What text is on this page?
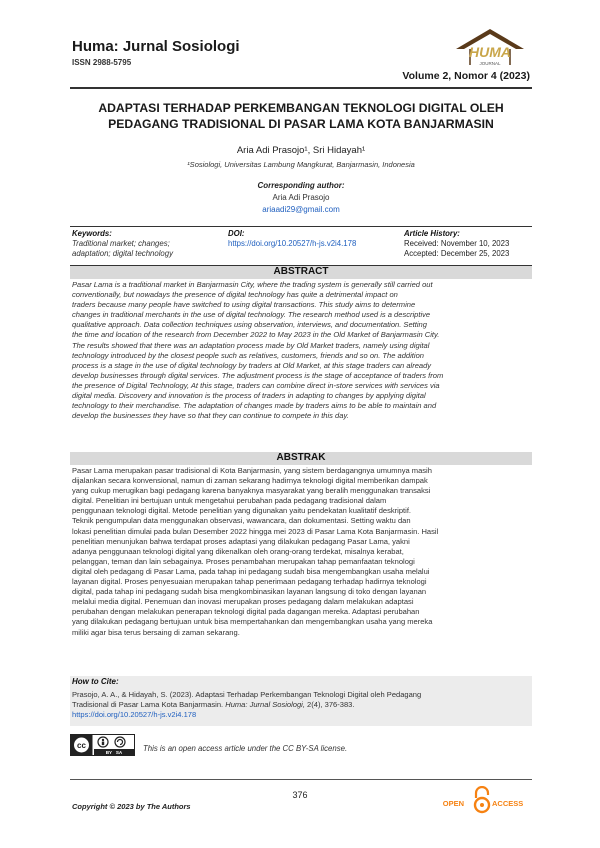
Huma: Jurnal Sosiologi
ISSN 2988-5795
HUMA
JOURNAL
Volume 2, Nomor 4 (2023)
ADAPTASI TERHADAP PERKEMBANGAN TEKNOLOGI DIGITAL OLEH
PEDAGANG TRADISIONAL DI PASAR LAMA KOTA BANJARMASIN
Aria Adi Prasojo¹, Sri Hidayah¹
¹Sosiologi, Universitas Lambung Mangkurat, Banjarmasin, Indonesia
Corresponding author:
Aria Adi Prasojo
ariaadi29@gmail.com
Keywords:
Traditional market; changes;
adaptation; digital technology
DOI:
https://doi.org/10.20527/h-js.v2i4.178
Article History:
Received: November 10, 2023
Accepted: December 25, 2023
ABSTRACT
Pasar Lama is a traditional market in Banjarmasin City, where the trading system is generally still carried out
conventionally, but nowadays the presence of digital technology has quite a detrimental impact on
traders because many people have switched to using digital transactions. This study aims to determine
changes in traditional merchants in the use of digital technology. The research method used is a descriptive
qualitative approach. Data collection techniques using observation, interviews, and documentation. Setting
the time and location of the research from December 2022 to May 2023 in the Old Market of Banjarmasin City.
The results showed that there was an adaptation process made by Old Market traders, namely using digital
technology introduced by the closest people such as relatives, customers, friends and so on. The addition
process is a stage in the use of digital technology by traders at Old Market, at this stage traders can already
develop businesses through digital services. The adjustment process is the stage of acceptance of traders from
the presence of Digital Technology, At this stage, traders can combine direct in-store services with services via
digital media. Discovery and innovation is the process of traders in adapting to changes by applying digital
technology to their merchandise. The adaptation of changes made by traders aims to be able to maintain and
develop the businesses they have so that they can continue to compete in this day.
ABSTRAK
Pasar Lama merupakan pasar tradisional di Kota Banjarmasin, yang sistem berdagangnya umumnya masih
dijalankan secara konvensional, namun di zaman sekarang hadirnya teknologi digital memberikan dampak
yang cukup merugikan bagi pedagang karena banyaknya masyarakat yang beralih menggunakan transaksi
digital. Penelitian ini bertujuan untuk mengetahui perubahan pada pedagang tradisional dalam
penggunaan teknologi digital. Metode penelitian yang digunakan yaitu pendekatan kualitatif deskriptif.
Teknik pengumpulan data menggunakan observasi, wawancara, dan dokumentasi. Setting waktu dan
lokasi penelitian dimulai pada bulan Desember 2022 hingga mei 2023 di Pasar Lama Kota Banjarmasin. Hasil
penelitian menunjukan bahwa terdapat proses adaptasi yang dilakukan pedagang Pasar Lama, yakni
adanya penggunaan teknologi digital yang dikenalkan oleh orang-orang terdekat, misalnya kerabat,
pelanggan, teman dan lain sebagainya. Proses penambahan merupakan tahap pemanfaatan teknologi
digital oleh pedagang di Pasar Lama, pada tahap ini pedagang sudah bisa mengembangkan usaha melalui
layanan digital. Proses penyesuaian merupakan tahap penerimaan pedagang terhadap hadirnya teknologi
digital, pada tahap ini pedagang sudah bisa mengkombinasikan layanan langsung di toko dengan layanan
melalui media digital. Penemuan dan inovasi merupakan proses pedagang dalam melakukan adaptasi
perubahan dengan melakukan penerapan teknologi digital pada dagangan mereka. Adaptasi perubahan
yang dilakukan pedagang bertujuan untuk bisa mempertahankan dan mengembangkan usaha yang mereka
miliki agar bisa terus bersaing di zaman sekarang.
How to Cite:
Prasojo, A. A., & Hidayah, S. (2023). Adaptasi Terhadap Perkembangan Teknologi Digital oleh Pedagang
Tradisional di Pasar Lama Kota Banjarmasin. Huma: Jurnal Sosiologi, 2(4), 376-383.
https://doi.org/10.20527/h-js.v2i4.178
cc
BY   SA	This is an open access article under the CC BY-SA license.
376
Copyright © 2023 by The Authors	OPEN	ACCESS
